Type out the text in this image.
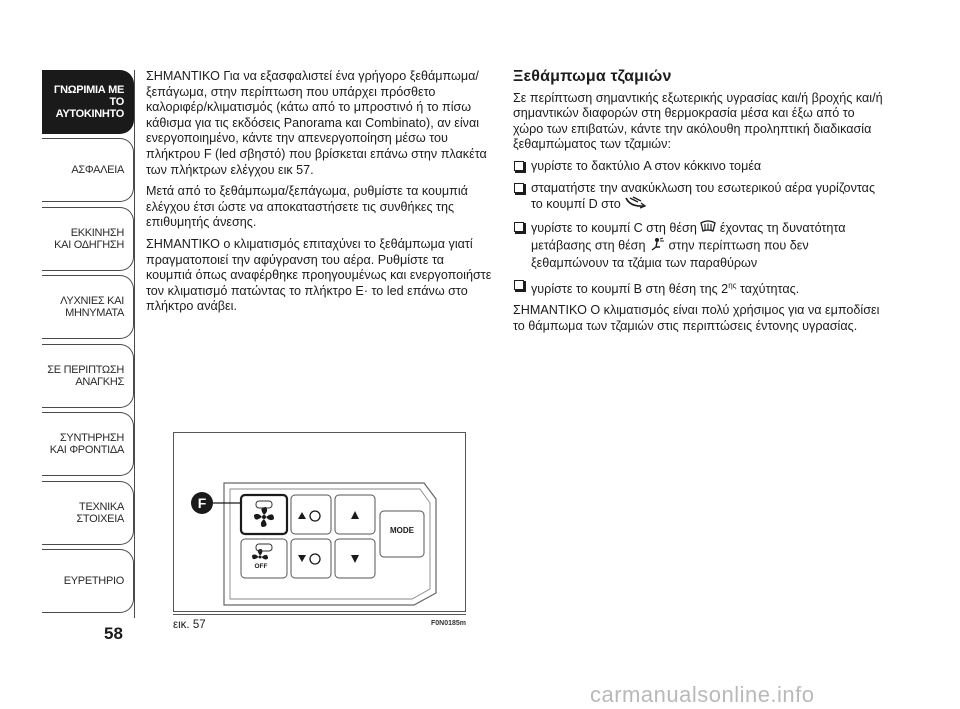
ΓΝΩΡΙΜΙΑ ΜΕ
ΤΟ ΑΥΤΟΚΙΝΗΤΟ
ΑΣΦΑΛΕΙΑ
ΕΚΚΙΝΗΣΗ
ΚΑΙ ΟΔΗΓΗΣΗ
ΛΥΧΝΙΕΣ ΚΑΙ
ΜΗΝΥΜΑΤΑ
ΣΕ ΠΕΡΙΠΤΩΣΗ
ΑΝΑΓΚΗΣ
ΣΥΝΤΗΡΗΣΗ
ΚΑΙ ΦΡΟΝΤΙΔΑ
ΤΕΧΝΙΚΑ
ΣΤΟΙΧΕΙΑ
ΕΥΡΕΤΗΡΙΟ
58

ΣΗΜΑΝΤΙΚΟ Για να εξασφαλιστεί ένα γρήγορο ξεθάμπωμα/ξεπάγωμα, στην περίπτωση που υπάρχει πρόσθετο καλοριφέρ/κλιματισμός (κάτω από το μπροστινό ή το πίσω κάθισμα για τις εκδόσεις Panorama και Combinato), αν είναι ενεργοποιημένο, κάντε την απενεργοποίηση μέσω του πλήκτρου F (led σβηστό) που βρίσκεται επάνω στην πλακέτα των πλήκτρων ελέγχου εικ 57.

Μετά από το ξεθάμπωμα/ξεπάγωμα, ρυθμίστε τα κουμπιά ελέγχου έτσι ώστε να αποκαταστήσετε τις συνθήκες της επιθυμητής άνεσης.

ΣΗΜΑΝΤΙΚΟ ο κλιματισμός επιταχύνει το ξεθάμπωμα γιατί πραγματοποιεί την αφύγρανση του αέρα. Ρυθμίστε τα κουμπιά όπως αναφέρθηκε προηγουμένως και ενεργοποιήστε τον κλιματισμό πατώντας το πλήκτρο E· το led επάνω στο πλήκτρο ανάβει.

Ξεθάμπωμα τζαμιών

Σε περίπτωση σημαντικής εξωτερικής υγρασίας και/ή βροχής και/ή σημαντικών διαφορών στη θερμοκρασία μέσα και έξω από το χώρο των επιβατών, κάντε την ακόλουθη προληπτική διαδικασία ξεθαμπώματος των τζαμιών:

γυρίστε το δακτύλιο A στον κόκκινο τομέα
σταματήστε την ανακύκλωση του εσωτερικού αέρα γυρίζοντας το κουμπί D στο
γυρίστε το κουμπί C στη θέση έχοντας τη δυνατότητα μετάβασης στη θέση στην περίπτωση που δεν ξεθαμπώνουν τα τζάμια των παραθύρων
γυρίστε το κουμπί B στη θέση της $2^{\eta\varsigma}$ ταχύτητας.

ΣΗΜΑΝΤΙΚΟ Ο κλιματισμός είναι πολύ χρήσιμος για να εμποδίσει το θάμπωμα των τζαμιών στις περιπτώσεις έντονης υγρασίας.

F
MODE
OFF
εικ. 57	F0N0185m
carmanualsonline.info
